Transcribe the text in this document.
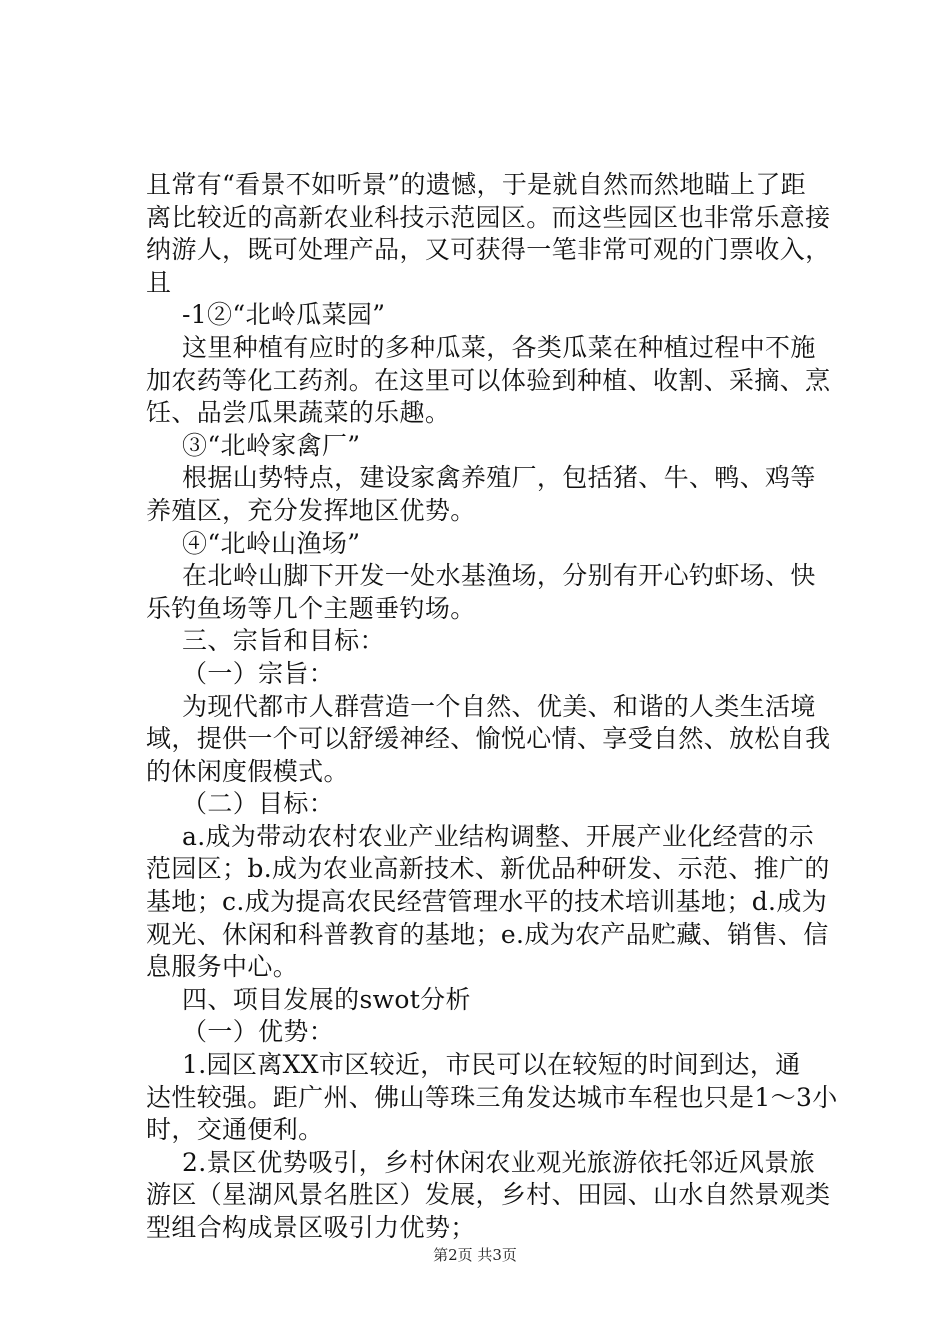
且常有“看景不如听景”的遗憾，于是就自然而然地瞄上了距
离比较近的高新农业科技示范园区。而这些园区也非常乐意接
纳游人，既可处理产品，又可获得一笔非常可观的门票收入，
且
-1②“北岭瓜菜园”
这里种植有应时的多种瓜菜，各类瓜菜在种植过程中不施
加农药等化工药剂。在这里可以体验到种植、收割、采摘、烹
饪、品尝瓜果蔬菜的乐趣。
③“北岭家禽厂”
根据山势特点，建设家禽养殖厂，包括猪、牛、鸭、鸡等
养殖区，充分发挥地区优势。
④“北岭山渔场”
在北岭山脚下开发一处水基渔场，分别有开心钓虾场、快
乐钓鱼场等几个主题垂钓场。
三、宗旨和目标：
（一）宗旨：
为现代都市人群营造一个自然、优美、和谐的人类生活境
域，提供一个可以舒缓神经、愉悦心情、享受自然、放松自我
的休闲度假模式。
（二）目标：
a.成为带动农村农业产业结构调整、开展产业化经营的示
范园区；b.成为农业高新技术、新优品种研发、示范、推广的
基地；c.成为提高农民经营管理水平的技术培训基地；d.成为
观光、休闲和科普教育的基地；e.成为农产品贮藏、销售、信
息服务中心。
四、项目发展的swot分析
（一）优势：
1.园区离XX市区较近，市民可以在较短的时间到达，通
达性较强。距广州、佛山等珠三角发达城市车程也只是1～3小
时，交通便利。
2.景区优势吸引，乡村休闲农业观光旅游依托邻近风景旅
游区（星湖风景名胜区）发展，乡村、田园、山水自然景观类
型组合构成景区吸引力优势；
第2页 共3页
